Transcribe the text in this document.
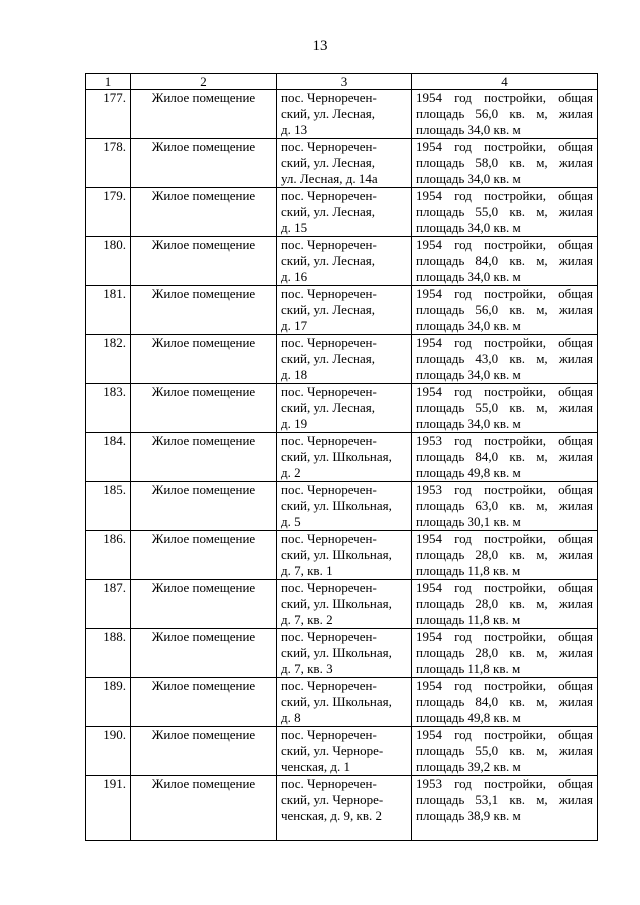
13
1	2	3	4
177.	Жилое помещение	пос. Черноречен-
ский, ул. Лесная,
д. 13	1954 год постройки, общая площадь 56,0 кв. м, жилая площадь 34,0 кв. м
178.	Жилое помещение	пос. Черноречен-
ский, ул. Лесная,
ул. Лесная, д. 14а	1954 год постройки, общая площадь 58,0 кв. м, жилая площадь 34,0 кв. м
179.	Жилое помещение	пос. Черноречен-
ский, ул. Лесная,
д. 15	1954 год постройки, общая площадь 55,0 кв. м, жилая площадь 34,0 кв. м
180.	Жилое помещение	пос. Черноречен-
ский, ул. Лесная,
д. 16	1954 год постройки, общая площадь 84,0 кв. м, жилая площадь 34,0 кв. м
181.	Жилое помещение	пос. Черноречен-
ский, ул. Лесная,
д. 17	1954 год постройки, общая площадь 56,0 кв. м, жилая площадь 34,0 кв. м
182.	Жилое помещение	пос. Черноречен-
ский, ул. Лесная,
д. 18	1954 год постройки, общая площадь 43,0 кв. м, жилая площадь 34,0 кв. м
183.	Жилое помещение	пос. Черноречен-
ский, ул. Лесная,
д. 19	1954 год постройки, общая площадь 55,0 кв. м, жилая площадь 34,0 кв. м
184.	Жилое помещение	пос. Черноречен-
ский, ул. Школьная,
д. 2	1953 год постройки, общая площадь 84,0 кв. м, жилая площадь 49,8 кв. м
185.	Жилое помещение	пос. Черноречен-
ский, ул. Школьная,
д. 5	1953 год постройки, общая площадь 63,0 кв. м, жилая площадь 30,1 кв. м
186.	Жилое помещение	пос. Черноречен-
ский, ул. Школьная,
д. 7, кв. 1	1954 год постройки, общая площадь 28,0 кв. м, жилая площадь 11,8 кв. м
187.	Жилое помещение	пос. Черноречен-
ский, ул. Школьная,
д. 7, кв. 2	1954 год постройки, общая площадь 28,0 кв. м, жилая площадь 11,8 кв. м
188.	Жилое помещение	пос. Черноречен-
ский, ул. Школьная,
д. 7, кв. 3	1954 год постройки, общая площадь 28,0 кв. м, жилая площадь 11,8 кв. м
189.	Жилое помещение	пос. Черноречен-
ский, ул. Школьная,
д. 8	1954 год постройки, общая площадь 84,0 кв. м, жилая площадь 49,8 кв. м
190.	Жилое помещение	пос. Черноречен-
ский, ул. Черноре-
ченская, д. 1	1954 год постройки, общая площадь 55,0 кв. м, жилая площадь 39,2 кв. м
191.	Жилое помещение	пос. Черноречен-
ский, ул. Черноре-
ченская, д. 9, кв. 2	1953 год постройки, общая площадь 53,1 кв. м, жилая площадь 38,9 кв. м
